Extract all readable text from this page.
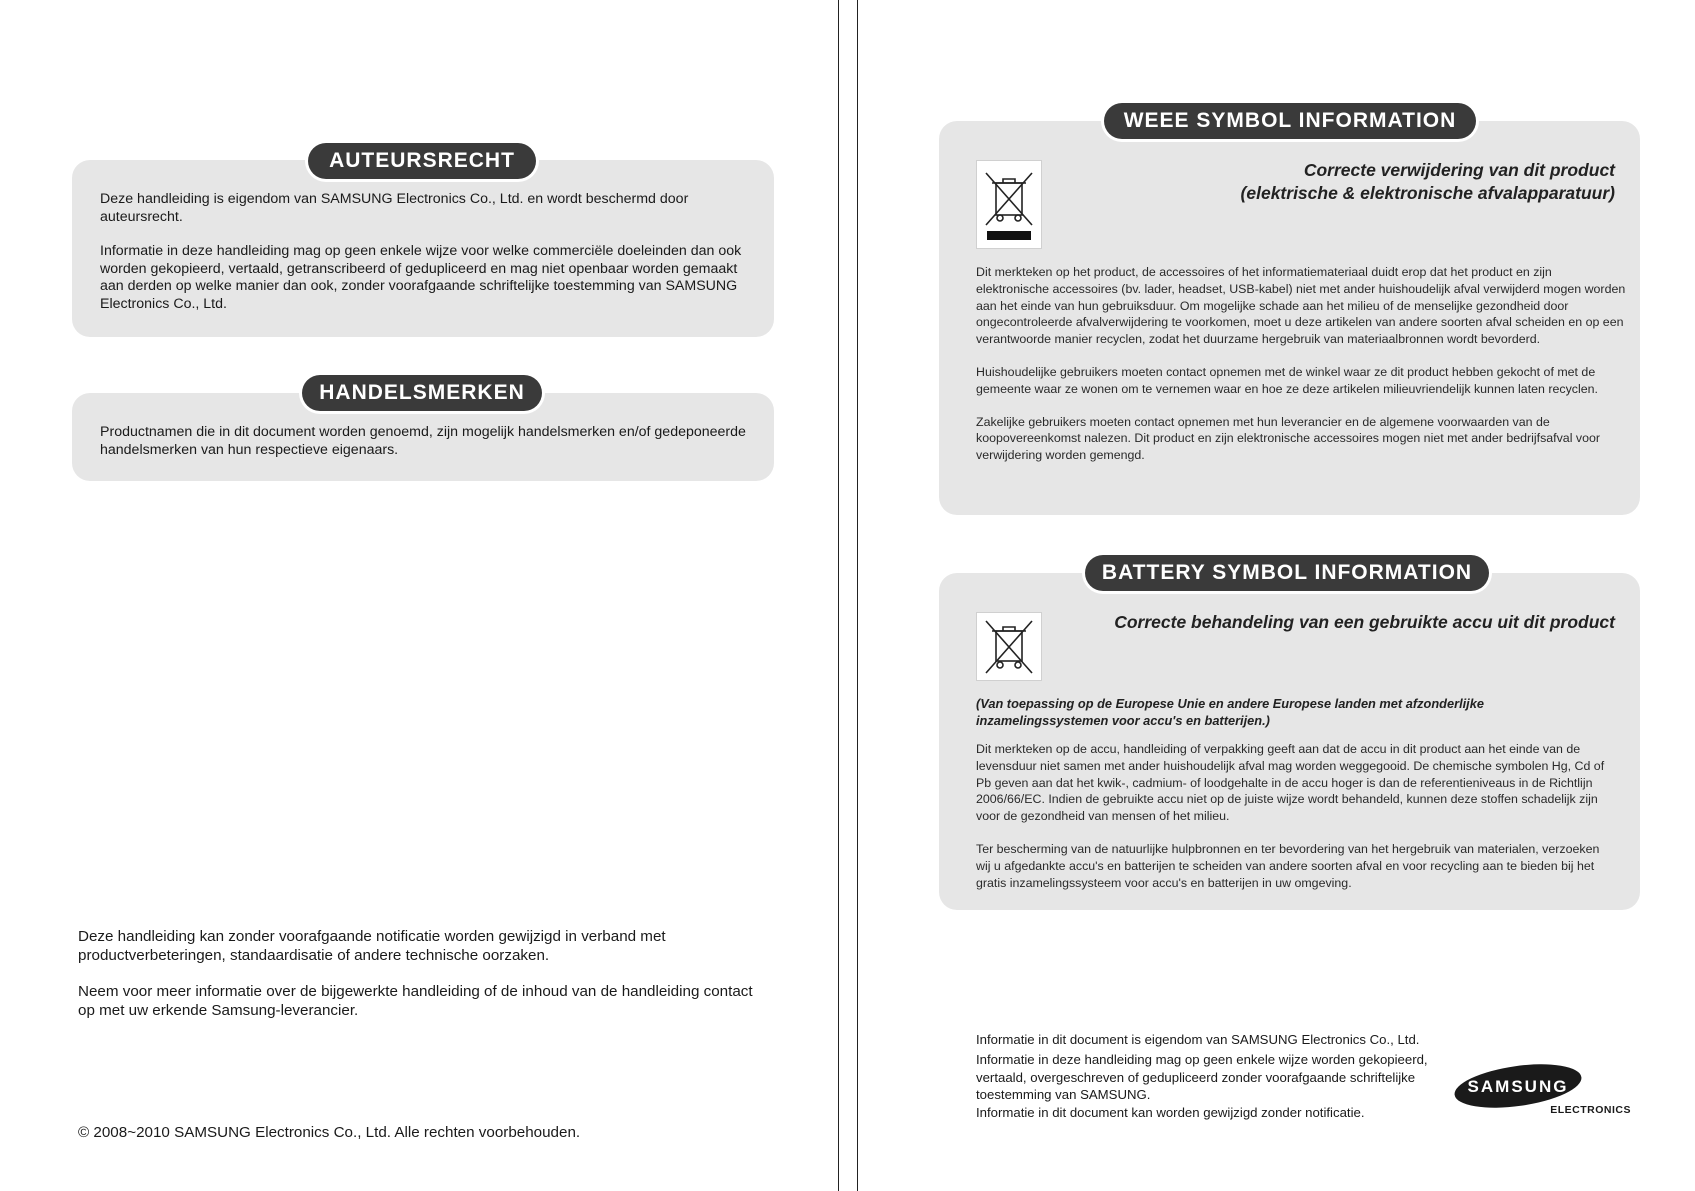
Deze handleiding is eigendom van SAMSUNG Electronics Co., Ltd. en wordt beschermd door auteursrecht.

Informatie in deze handleiding mag op geen enkele wijze voor welke commerciële doeleinden dan ook worden gekopieerd, vertaald, getranscribeerd of gedupliceerd en mag niet openbaar worden gemaakt aan derden op welke manier dan ook, zonder voorafgaande schriftelijke toestemming van SAMSUNG Electronics Co., Ltd.

AUTEURSRECHT

Productnamen die in dit document worden genoemd, zijn mogelijk handelsmerken en/of gedeponeerde handelsmerken van hun respectieve eigenaars.

HANDELSMERKEN

Deze handleiding kan zonder voorafgaande notificatie worden gewijzigd in verband met productverbeteringen, standaardisatie of andere technische oorzaken.

Neem voor meer informatie over de bijgewerkte handleiding of de inhoud van de handleiding contact op met uw erkende Samsung-leverancier.

© 2008~2010 SAMSUNG Electronics Co., Ltd. Alle rechten voorbehouden.
Correcte verwijdering van dit product
(elektrische & elektronische afvalapparatuur)

Dit merkteken op het product, de accessoires of het informatiemateriaal duidt erop dat het product en zijn elektronische accessoires (bv. lader, headset, USB-kabel) niet met ander huishoudelijk afval verwijderd mogen worden aan het einde van hun gebruiksduur. Om mogelijke schade aan het milieu of de menselijke gezondheid door ongecontroleerde afvalverwijdering te voorkomen, moet u deze artikelen van andere soorten afval scheiden en op een verantwoorde manier recyclen, zodat het duurzame hergebruik van materiaalbronnen wordt bevorderd.

Huishoudelijke gebruikers moeten contact opnemen met de winkel waar ze dit product hebben gekocht of met de gemeente waar ze wonen om te vernemen waar en hoe ze deze artikelen milieuvriendelijk kunnen laten recyclen.

Zakelijke gebruikers moeten contact opnemen met hun leverancier en de algemene voorwaarden van de koopovereenkomst nalezen. Dit product en zijn elektronische accessoires mogen niet met ander bedrijfsafval voor verwijdering worden gemengd.

WEEE SYMBOL INFORMATION
Correcte behandeling van een gebruikte accu uit dit product

(Van toepassing op de Europese Unie en andere Europese landen met afzonderlijke inzamelingssystemen voor accu's en batterijen.)

Dit merkteken op de accu, handleiding of verpakking geeft aan dat de accu in dit product aan het einde van de levensduur niet samen met ander huishoudelijk afval mag worden weggegooid. De chemische symbolen Hg, Cd of Pb geven aan dat het kwik-, cadmium- of loodgehalte in de accu hoger is dan de referentieniveaus in de Richtlijn 2006/66/EC. Indien de gebruikte accu niet op de juiste wijze wordt behandeld, kunnen deze stoffen schadelijk zijn voor de gezondheid van mensen of het milieu.

Ter bescherming van de natuurlijke hulpbronnen en ter bevordering van het hergebruik van materialen, verzoeken wij u afgedankte accu's en batterijen te scheiden van andere soorten afval en voor recycling aan te bieden bij het gratis inzamelingssysteem voor accu's en batterijen in uw omgeving.

BATTERY SYMBOL INFORMATION
Informatie in dit document is eigendom van SAMSUNG Electronics Co., Ltd.
Informatie in deze handleiding mag op geen enkele wijze worden gekopieerd, vertaald, overgeschreven of gedupliceerd zonder voorafgaande schriftelijke toestemming van SAMSUNG.
Informatie in dit document kan worden gewijzigd zonder notificatie.
SAMSUNG
ELECTRONICS
